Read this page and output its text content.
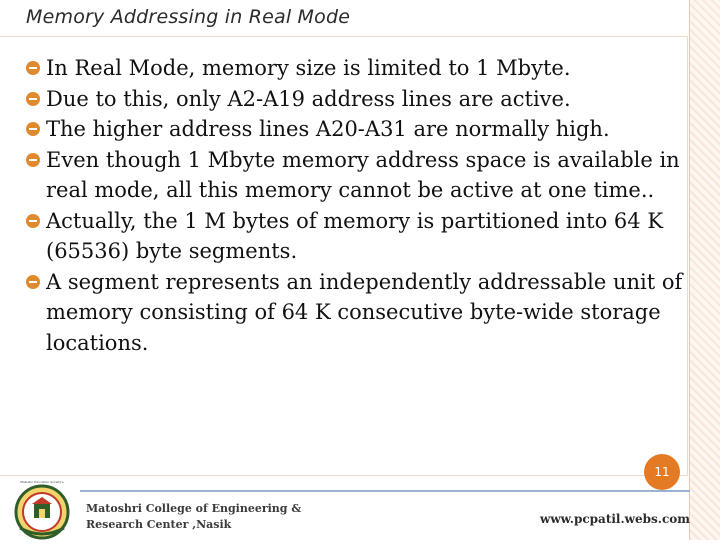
Memory Addressing in Real Mode
In Real Mode, memory size is limited to 1 Mbyte.
Due to this, only A2-A19 address lines are active.
The higher address lines A20-A31 are normally high.
Even though 1 Mbyte memory address space is available in real mode, all this memory cannot be active at one time..
Actually, the 1 M bytes of memory is partitioned into 64 K (65536) byte segments.
A segment represents an independently addressable unit of memory consisting of 64 K consecutive byte-wide storage locations.
11
Matoshri Education Society's
Matoshri College of Engineering &
Research Center ,Nasik	www.pcpatil.webs.com
